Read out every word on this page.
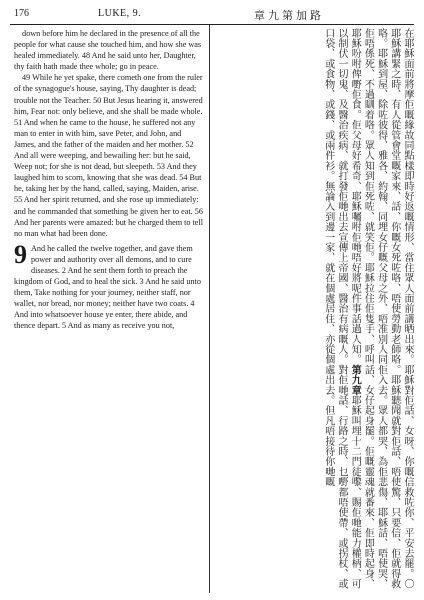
176	LUKE, 9.	章九第加路

down before him he declared in the presence of all the people for what cause she touched him, and how she was healed immediately. 48 And he said unto her, Daughter, thy faith hath made thee whole; go in peace.

49 While he yet spake, there cometh one from the ruler of the synagogue's house, saying, Thy daughter is dead; trouble not the Teacher. 50 But Jesus hearing it, answered him, Fear not: only believe, and she shall be made whole. 51 And when he came to the house, he suffered not any man to enter in with him, save Peter, and John, and James, and the father of the maiden and her mother. 52 And all were weeping, and bewailing her: but he said, Weep not; for she is not dead, but sleepeth. 53 And they laughed him to scorn, knowing that she was dead. 54 But he, taking her by the hand, called, saying, Maiden, arise. 55 And her spirit returned, and she rose up immediately: and he commanded that something be given her to eat. 56 And her parents were amazed: but he charged them to tell no man what had been done.

9 And he called the twelve together, and gave them power and authority over all demons, and to cure diseases. 2 And he sent them forth to preach the kingdom of God, and to heal the sick. 3 And he said unto them, Take nothing for your journey, neither staff, nor wallet, nor bread, nor money; neither have two coats. 4 And into whatsoever house ye enter, there abide, and thence depart. 5 And as many as receive you not,	在耶穌面前將摩佢嘅緣故同點樣即時好返嘅情形、當住眾人面前講晒出來。耶穌對佢話、女呀、你嘅信救咗你、平安去罷。〇耶穌講緊之時、有人從管會堂嘅家來、話、你嘅女死咗咯、唔使勞動老師咯。耶穌聽聞就對佢話、唔使驚、只要信、佢就得救咯。耶穌到屋、除咗彼得、雅各、約翰、同埋女仔嘅父母之外、唔准別人同佢入去。眾人都哭、為佢悲傷、耶穌話、唔使哭、佢唔係死、不過瞓着咯。眾人知到佢死咗、就笑佢。耶穌拉住佢隻手、呼叫話、女仔起身罷。佢嘅靈魂就番來、佢即時起身、耶穌吩咐俾嘢佢食。佢父母好希奇、耶穌囑咐佢哋唔好將呢件事話過人知。第九章耶穌叫埋十二門徒嚟、賜佢哋能力權柄、可以制伏一切鬼、及醫治疾病、就打發佢哋出去宣傳上帝國、醫治有病嘅人。對佢哋話、行路之時、乜嘢都唔使帶、或拐杖、或口袋、或食物、或錢、或兩件衫。無論入到邊一家、就在個處居住、亦從個處出去。但凡唔接待你哋嘅
